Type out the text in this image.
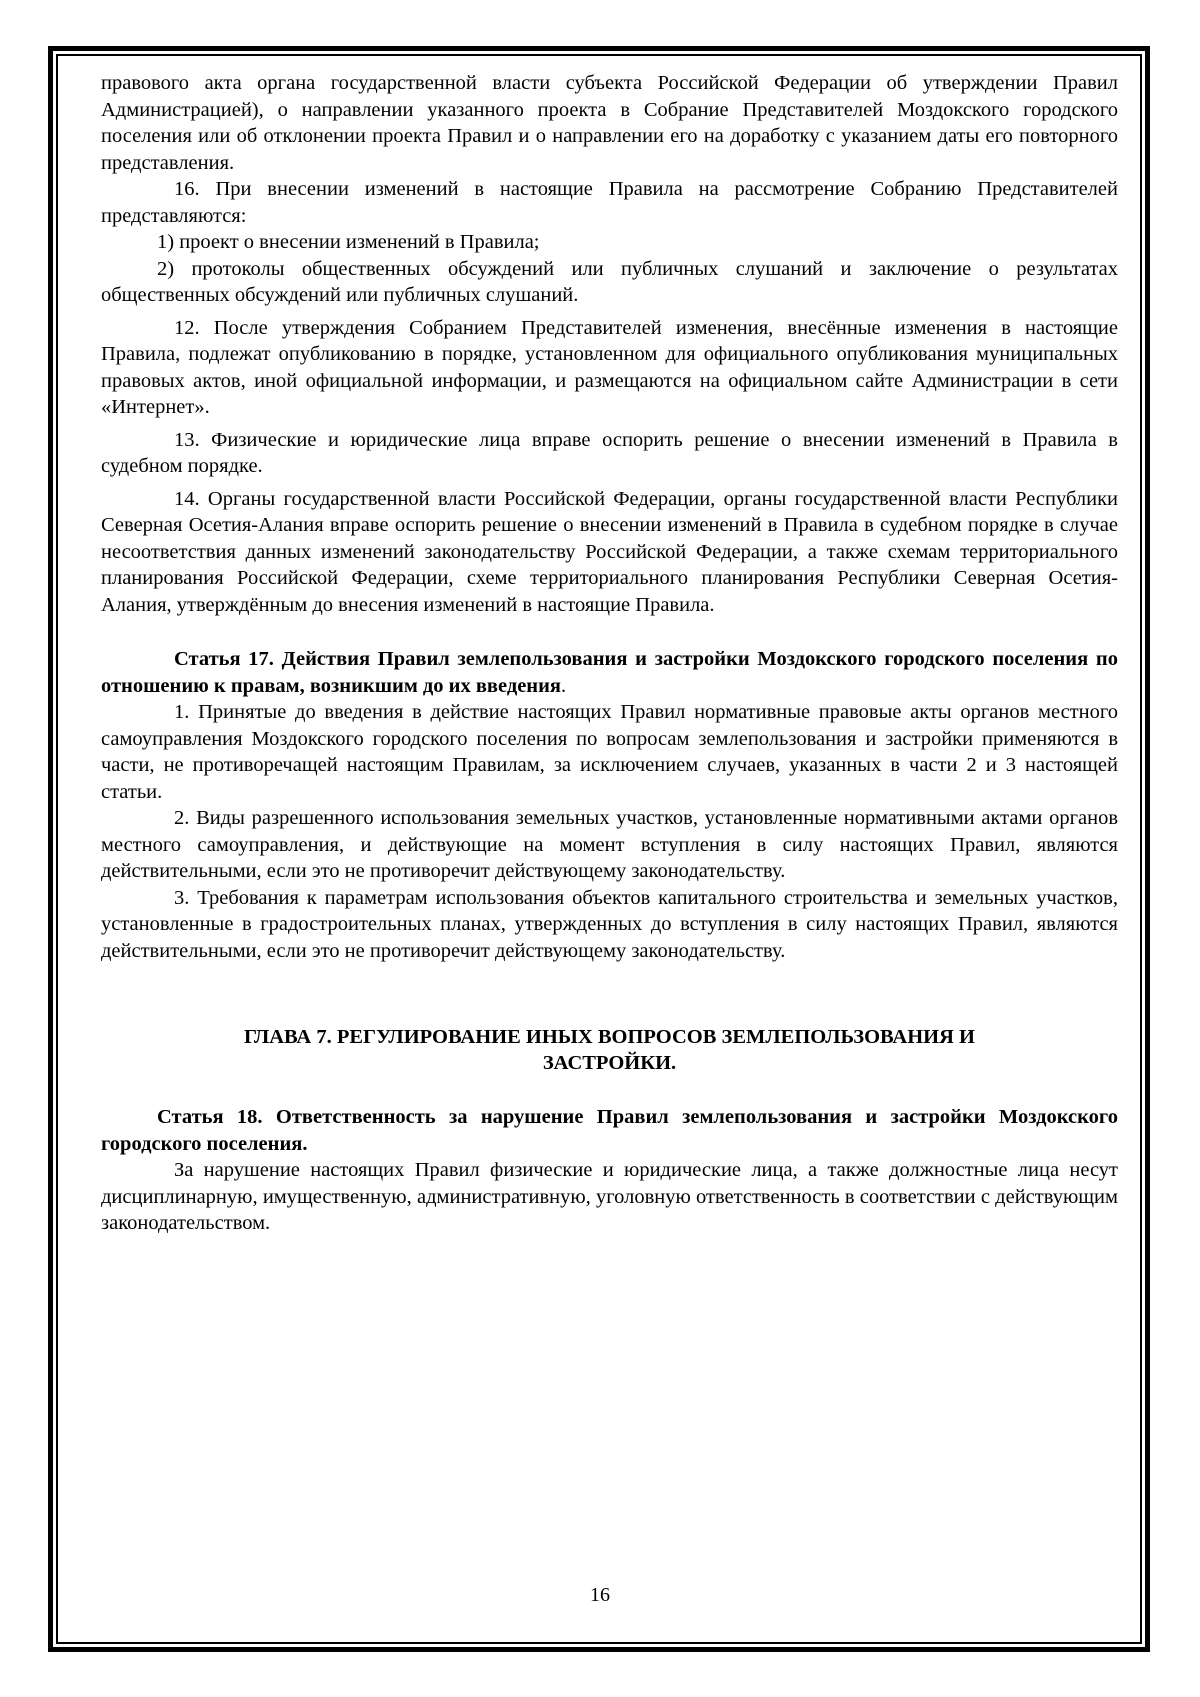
правового акта органа государственной власти субъекта Российской Федерации об утверждении Правил Администрацией), о направлении указанного проекта в Собрание Представителей Моздокского городского поселения или об отклонении проекта Правил и о направлении его на доработку с указанием даты его повторного представления.

16. При внесении изменений в настоящие Правила на рассмотрение Собранию Представителей представляются:

1) проект о внесении изменений в Правила;

2) протоколы общественных обсуждений или публичных слушаний и заключение о результатах общественных обсуждений или публичных слушаний.

12. После утверждения Собранием Представителей изменения, внесённые изменения в настоящие Правила, подлежат опубликованию в порядке, установленном для официального опубликования муниципальных правовых актов, иной официальной информации, и размещаются на официальном сайте Администрации в сети «Интернет».

13. Физические и юридические лица вправе оспорить решение о внесении изменений в Правила в судебном порядке.

14. Органы государственной власти Российской Федерации, органы государственной власти Республики Северная Осетия-Алания вправе оспорить решение о внесении изменений в Правила в судебном порядке в случае несоответствия данных изменений законодательству Российской Федерации, а также схемам территориального планирования Российской Федерации, схеме территориального планирования Республики Северная Осетия-Алания, утверждённым до внесения изменений в настоящие Правила.

Статья 17. Действия Правил землепользования и застройки Моздокского городского поселения по отношению к правам, возникшим до их введения.

1. Принятые до введения в действие настоящих Правил нормативные правовые акты органов местного самоуправления Моздокского городского поселения по вопросам землепользования и застройки применяются в части, не противоречащей настоящим Правилам, за исключением случаев, указанных в части 2 и 3 настоящей статьи.

2. Виды разрешенного использования земельных участков, установленные нормативными актами органов местного самоуправления, и действующие на момент вступления в силу настоящих Правил, являются действительными, если это не противоречит действующему законодательству.

3. Требования к параметрам использования объектов капитального строительства и земельных участков, установленные в градостроительных планах, утвержденных до вступления в силу настоящих Правил, являются действительными, если это не противоречит действующему законодательству.

ГЛАВА 7. РЕГУЛИРОВАНИЕ ИНЫХ ВОПРОСОВ ЗЕМЛЕПОЛЬЗОВАНИЯ И
ЗАСТРОЙКИ.

Статья 18. Ответственность за нарушение Правил землепользования и застройки Моздокского городского поселения.

За нарушение настоящих Правил физические и юридические лица, а также должностные лица несут дисциплинарную, имущественную, административную, уголовную ответственность в соответствии с действующим законодательством.

16
